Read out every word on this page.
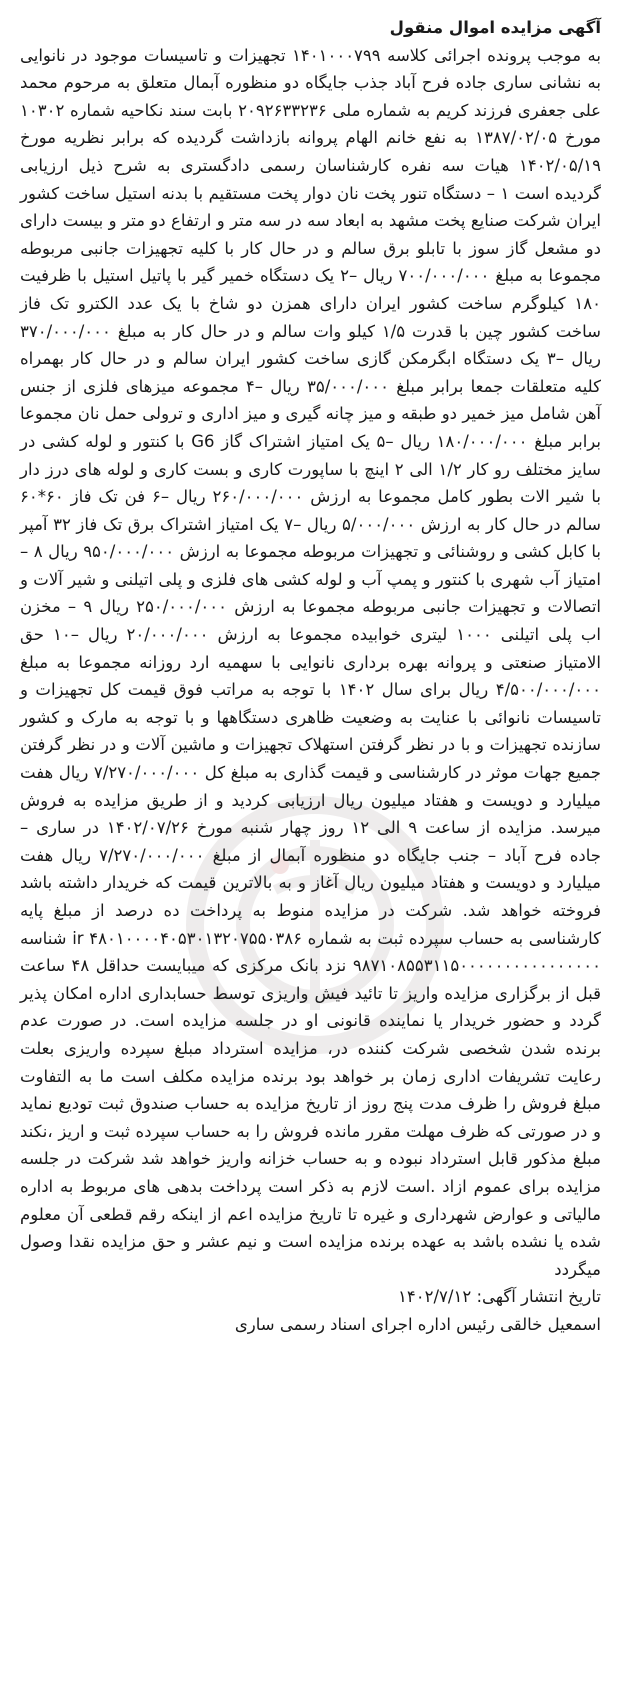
آگهی مزایده اموال منقول

به موجب پرونده اجرائی کلاسه ۱۴۰۱۰۰۰۷۹۹ تجهیزات و تاسیسات موجود در نانوایی به نشانی ساری جاده فرح آباد جذب جایگاه دو منظوره آبمال متعلق به مرحوم محمد علی جعفری فرزند کریم به شماره ملی ۲۰۹۲۶۳۳۲۳۶ بابت سند نکاحیه شماره ۱۰۳۰۲ مورخ ۱۳۸۷/۰۲/۰۵ به نفع خانم الهام پروانه بازداشت گردیده که برابر نظریه مورخ ۱۴۰۲/۰۵/۱۹ هیات سه نفره کارشناسان رسمی دادگستری به شرح ذیل ارزیابی گردیده است ۱ – دستگاه تنور پخت نان دوار پخت مستقیم با بدنه استیل ساخت کشور ایران شرکت صنایع پخت مشهد به ابعاد سه در سه متر و ارتفاع دو متر و بیست دارای دو مشعل گاز سوز با تابلو برق سالم و در حال کار با کلیه تجهیزات جانبی مربوطه مجموعا به مبلغ ۷۰۰/۰۰۰/۰۰۰ ریال –۲ یک دستگاه خمیر گیر با پاتیل استیل با ظرفیت ۱۸۰ کیلوگرم ساخت کشور ایران دارای همزن دو شاخ با یک عدد الکترو تک فاز ساخت کشور چین با قدرت ۱/۵ کیلو وات سالم و در حال کار به مبلغ ۳۷۰/۰۰۰/۰۰۰ ریال –۳ یک دستگاه ابگرمکن گازی ساخت کشور ایران سالم و در حال کار بهمراه کلیه متعلقات جمعا برابر مبلغ ۳۵/۰۰۰/۰۰۰ ریال –۴ مجموعه میزهای فلزی از جنس آهن شامل میز خمیر دو طبقه و میز چانه گیری و میز اداری و ترولی حمل نان مجموعا برابر مبلغ ۱۸۰/۰۰۰/۰۰۰ ریال –۵ یک امتیاز اشتراک گاز G6 با کنتور و لوله کشی در سایز مختلف رو کار ۱/۲ الی ۲ اینچ با ساپورت کاری و بست کاری و لوله های درز دار با شیر الات بطور کامل مجموعا به ارزش ۲۶۰/۰۰۰/۰۰۰ ریال –۶ فن تک فاز ۶۰*۶۰ سالم در حال کار به ارزش ۵/۰۰۰/۰۰۰ ریال –۷ یک امتیاز اشتراک برق تک فاز ۳۲ آمپر با کابل کشی و روشنائی و تجهیزات مربوطه مجموعا به ارزش ۹۵۰/۰۰۰/۰۰۰ ریال ۸ – امتیاز آب شهری با کنتور و پمپ آب و لوله کشی های فلزی و پلی اتیلنی و شیر آلات و اتصالات و تجهیزات جانبی مربوطه مجموعا به ارزش ۲۵۰/۰۰۰/۰۰۰ ریال ۹ – مخزن اب پلی اتیلنی ۱۰۰۰ لیتری خوابیده مجموعا به ارزش ۲۰/۰۰۰/۰۰۰ ریال –۱۰ حق الامتیاز صنعتی و پروانه بهره برداری نانوایی با سهمیه ارد روزانه مجموعا به مبلغ ۴/۵۰۰/۰۰۰/۰۰۰ ریال برای سال ۱۴۰۲ با توجه به مراتب فوق قیمت کل تجهیزات و تاسیسات نانوائی با عنایت به وضعیت ظاهری دستگاهها و با توجه به مارک و کشور سازنده تجهیزات و با در نظر گرفتن استهلاک تجهیزات و ماشین آلات و در نظر گرفتن جمیع جهات موثر در کارشناسی و قیمت گذاری به مبلغ کل ۷/۲۷۰/۰۰۰/۰۰۰ ریال هفت میلیارد و دویست و هفتاد میلیون ریال ارزیابی کردید و از طریق مزایده به فروش میرسد. مزایده از ساعت ۹ الی ۱۲ روز چهار شنبه مورخ ۱۴۰۲/۰۷/۲۶ در ساری – جاده فرح آباد – جنب جایگاه دو منظوره آبمال از مبلغ ۷/۲۷۰/۰۰۰/۰۰۰ ریال هفت میلیارد و دویست و هفتاد میلیون ریال آغاز و به بالاترین قیمت که خریدار داشته باشد فروخته خواهد شد. شرکت در مزایده منوط به پرداخت ده درصد از مبلغ پایه کارشناسی به حساب سپرده ثبت به شماره ۴۸۰۱۰۰۰۰۴۰۵۳۰۱۳۲۰۷۵۵۰۳۸۶ ir شناسه ۹۸۷۱۰۸۵۵۳۱۱۵۰۰۰۰۰۰۰۰۰۰۰۰۰۰۰۰ نزد بانک مرکزی که میبایست حداقل ۴۸ ساعت قبل از برگزاری مزایده واریز تا تائید فیش واریزی توسط حسابداری اداره امکان پذیر گردد و حضور خریدار یا نماینده قانونی او در جلسه مزایده است. در صورت عدم برنده شدن شخصی شرکت کننده در، مزایده استرداد مبلغ سپرده واریزی بعلت رعایت تشریفات اداری زمان بر خواهد بود برنده مزایده مکلف است ما به التفاوت مبلغ فروش را ظرف مدت پنج روز از تاریخ مزایده به حساب صندوق ثبت تودیع نماید و در صورتی که ظرف مهلت مقرر مانده فروش را به حساب سپرده ثبت و اریز ،نکند مبلغ مذکور قابل استرداد نبوده و به حساب خزانه واریز خواهد شد شرکت در جلسه مزایده برای عموم ازاد .است لازم به ذکر است پرداخت بدهی های مربوط به اداره مالیاتی و عوارض شهرداری و غیره تا تاریخ مزایده اعم از اینکه رقم قطعی آن معلوم شده یا نشده باشد به عهده برنده مزایده است و نیم عشر و حق مزایده نقدا وصول میگردد

تاریخ انتشار آگهی: ۱۴۰۲/۷/۱۲

اسمعیل خالقی رئیس اداره اجرای اسناد رسمی ساری
